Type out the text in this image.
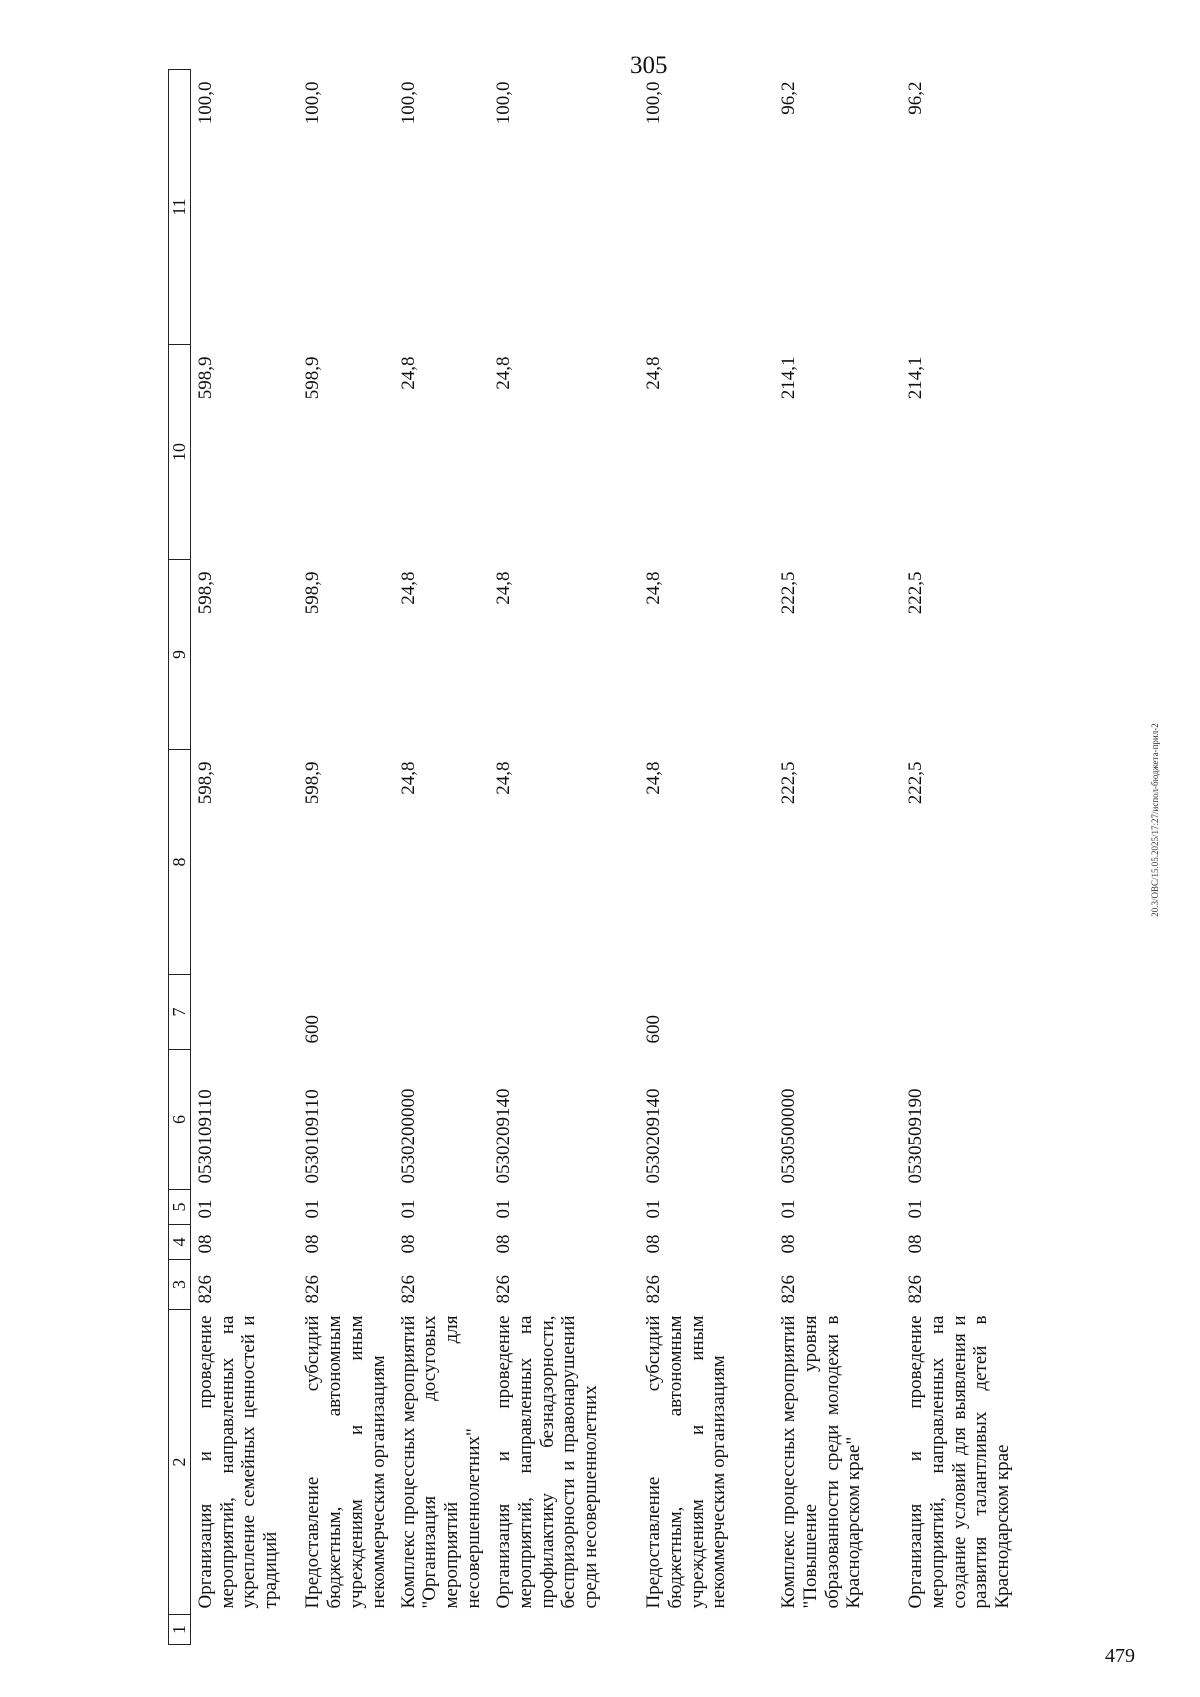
305
479
20.3/OBC/15.05.2025/17:27/испол-бюджета-прил-2
1	2	3	4	5	6	7	8	9	10	11
	Организация и проведение мероприятий, направленных на укрепление семейных ценностей и традиций	826	08	01	0530109110		598,9	598,9	598,9	100,0
	Предоставление субсидий бюджетным, автономным учреждениям и иным некоммерческим организациям	826	08	01	0530109110	600	598,9	598,9	598,9	100,0
	Комплекс процессных мероприятий "Организация досуговых мероприятий для несовершеннолетних"	826	08	01	0530200000		24,8	24,8	24,8	100,0
	Организация и проведение мероприятий, направленных на профилактику безнадзорности, беспризорности и правонарушений среди несовершеннолетних	826	08	01	0530209140		24,8	24,8	24,8	100,0
	Предоставление субсидий бюджетным, автономным учреждениям и иным некоммерческим организациям	826	08	01	0530209140	600	24,8	24,8	24,8	100,0
	Комплекс процессных мероприятий "Повышение уровня образованности среди молодежи в Краснодарском крае"	826	08	01	0530500000		222,5	222,5	214,1	96,2
	Организация и проведение мероприятий, направленных на создание условий для выявления и развития талантливых детей в Краснодарском крае	826	08	01	0530509190		222,5	222,5	214,1	96,2
